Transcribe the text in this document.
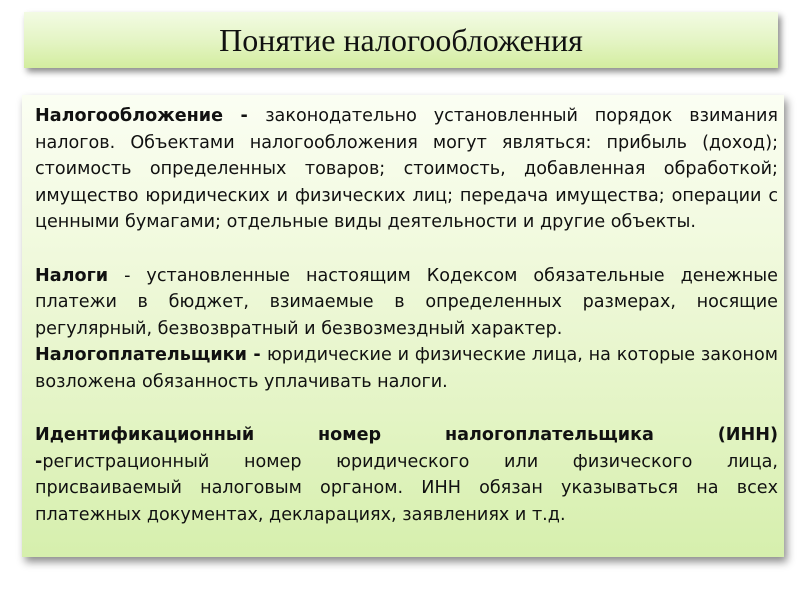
Понятие налогообложения

Налогообложение - законодательно установленный порядок взимания налогов. Объектами налогообложения могут являться: прибыль (доход); стоимость определенных товаров; стоимость, добавленная обработкой; имущество юридических и физических лиц; передача имущества; операции с ценными бумагами; отдельные виды деятельности и другие объекты.

Налоги - установленные настоящим Кодексом обязательные денежные платежи в бюджет, взимаемые в определенных размерах, носящие регулярный, безвозвратный и безвозмездный характер.

Налогоплательщики - юридические и физические лица, на которые законом возложена обязанность уплачивать налоги.

Идентификационный номер налогоплательщика (ИНН) -регистрационный номер юридического или физического лица, присваиваемый налоговым органом. ИНН обязан указываться на всех платежных документах, декларациях, заявлениях и т.д.
